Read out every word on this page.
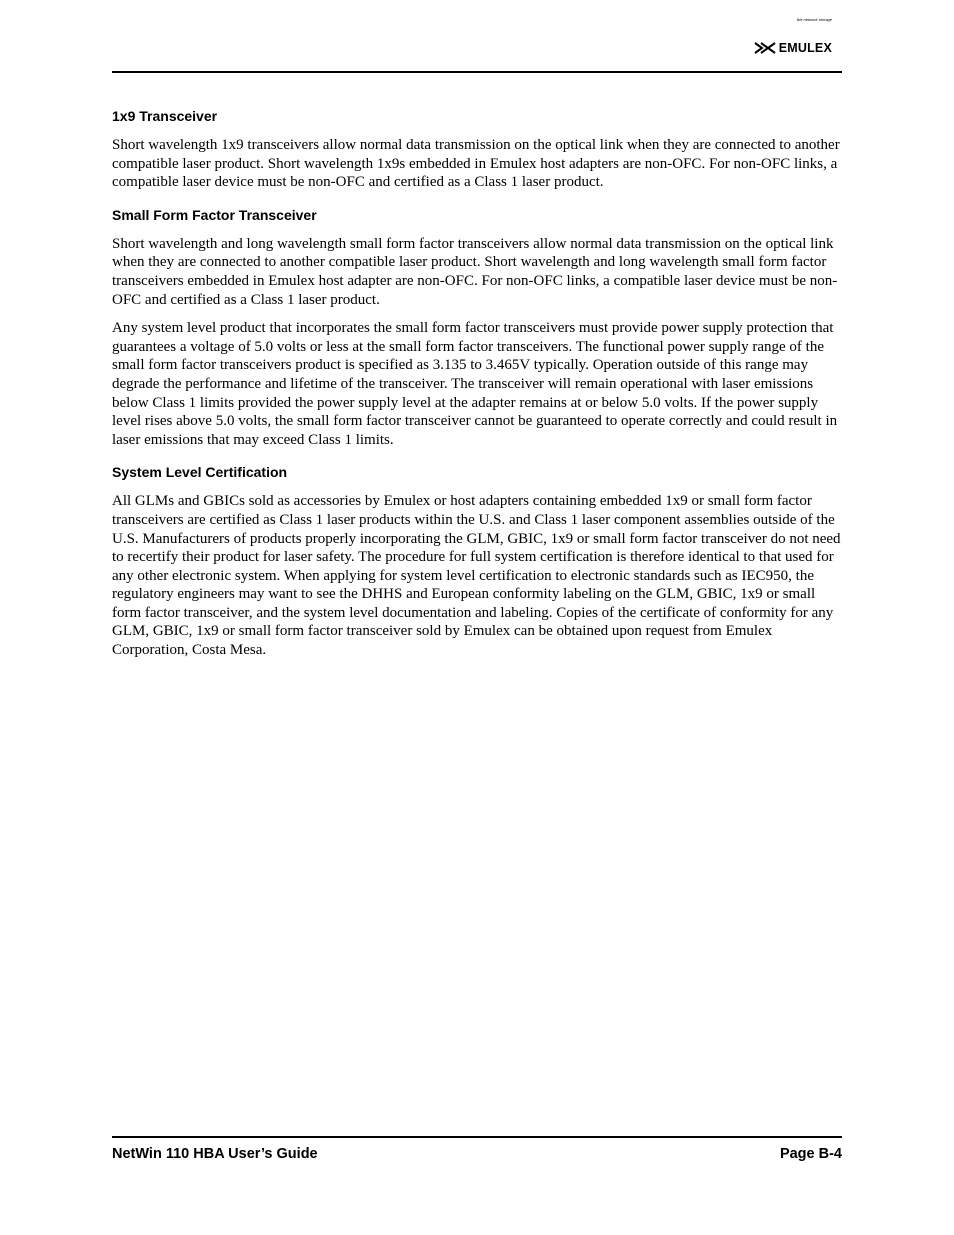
EMULEX
We network storage
1x9 Transceiver

Short wavelength 1x9 transceivers allow normal data transmission on the optical link when they are connected to another compatible laser product. Short wavelength 1x9s embedded in Emulex host adapters are non-OFC. For non-OFC links, a compatible laser device must be non-OFC and certified as a Class 1 laser product.

Small Form Factor Transceiver

Short wavelength and long wavelength small form factor transceivers allow normal data transmission on the optical link when they are connected to another compatible laser product. Short wavelength and long wavelength small form factor transceivers embedded in Emulex host adapter are non-OFC. For non-OFC links, a compatible laser device must be non-OFC and certified as a Class 1 laser product.

Any system level product that incorporates the small form factor transceivers must provide power supply protection that guarantees a voltage of 5.0 volts or less at the small form factor transceivers. The functional power supply range of the small form factor transceivers product is specified as 3.135 to 3.465V typically. Operation outside of this range may degrade the performance and lifetime of the transceiver. The transceiver will remain operational with laser emissions below Class 1 limits provided the power supply level at the adapter remains at or below 5.0 volts. If the power supply level rises above 5.0 volts, the small form factor transceiver cannot be guaranteed to operate correctly and could result in laser emissions that may exceed Class 1 limits.

System Level Certification

All GLMs and GBICs sold as accessories by Emulex or host adapters containing embedded 1x9 or small form factor transceivers are certified as Class 1 laser products within the U.S. and Class 1 laser component assemblies outside of the U.S. Manufacturers of products properly incorporating the GLM, GBIC, 1x9 or small form factor transceiver do not need to recertify their product for laser safety. The procedure for full system certification is therefore identical to that used for any other electronic system. When applying for system level certification to electronic standards such as IEC950, the regulatory engineers may want to see the DHHS and European conformity labeling on the GLM, GBIC, 1x9 or small form factor transceiver, and the system level documentation and labeling. Copies of the certificate of conformity for any GLM, GBIC, 1x9 or small form factor transceiver sold by Emulex can be obtained upon request from Emulex Corporation, Costa Mesa.

NetWin 110 HBA User’s Guide	Page B-4
